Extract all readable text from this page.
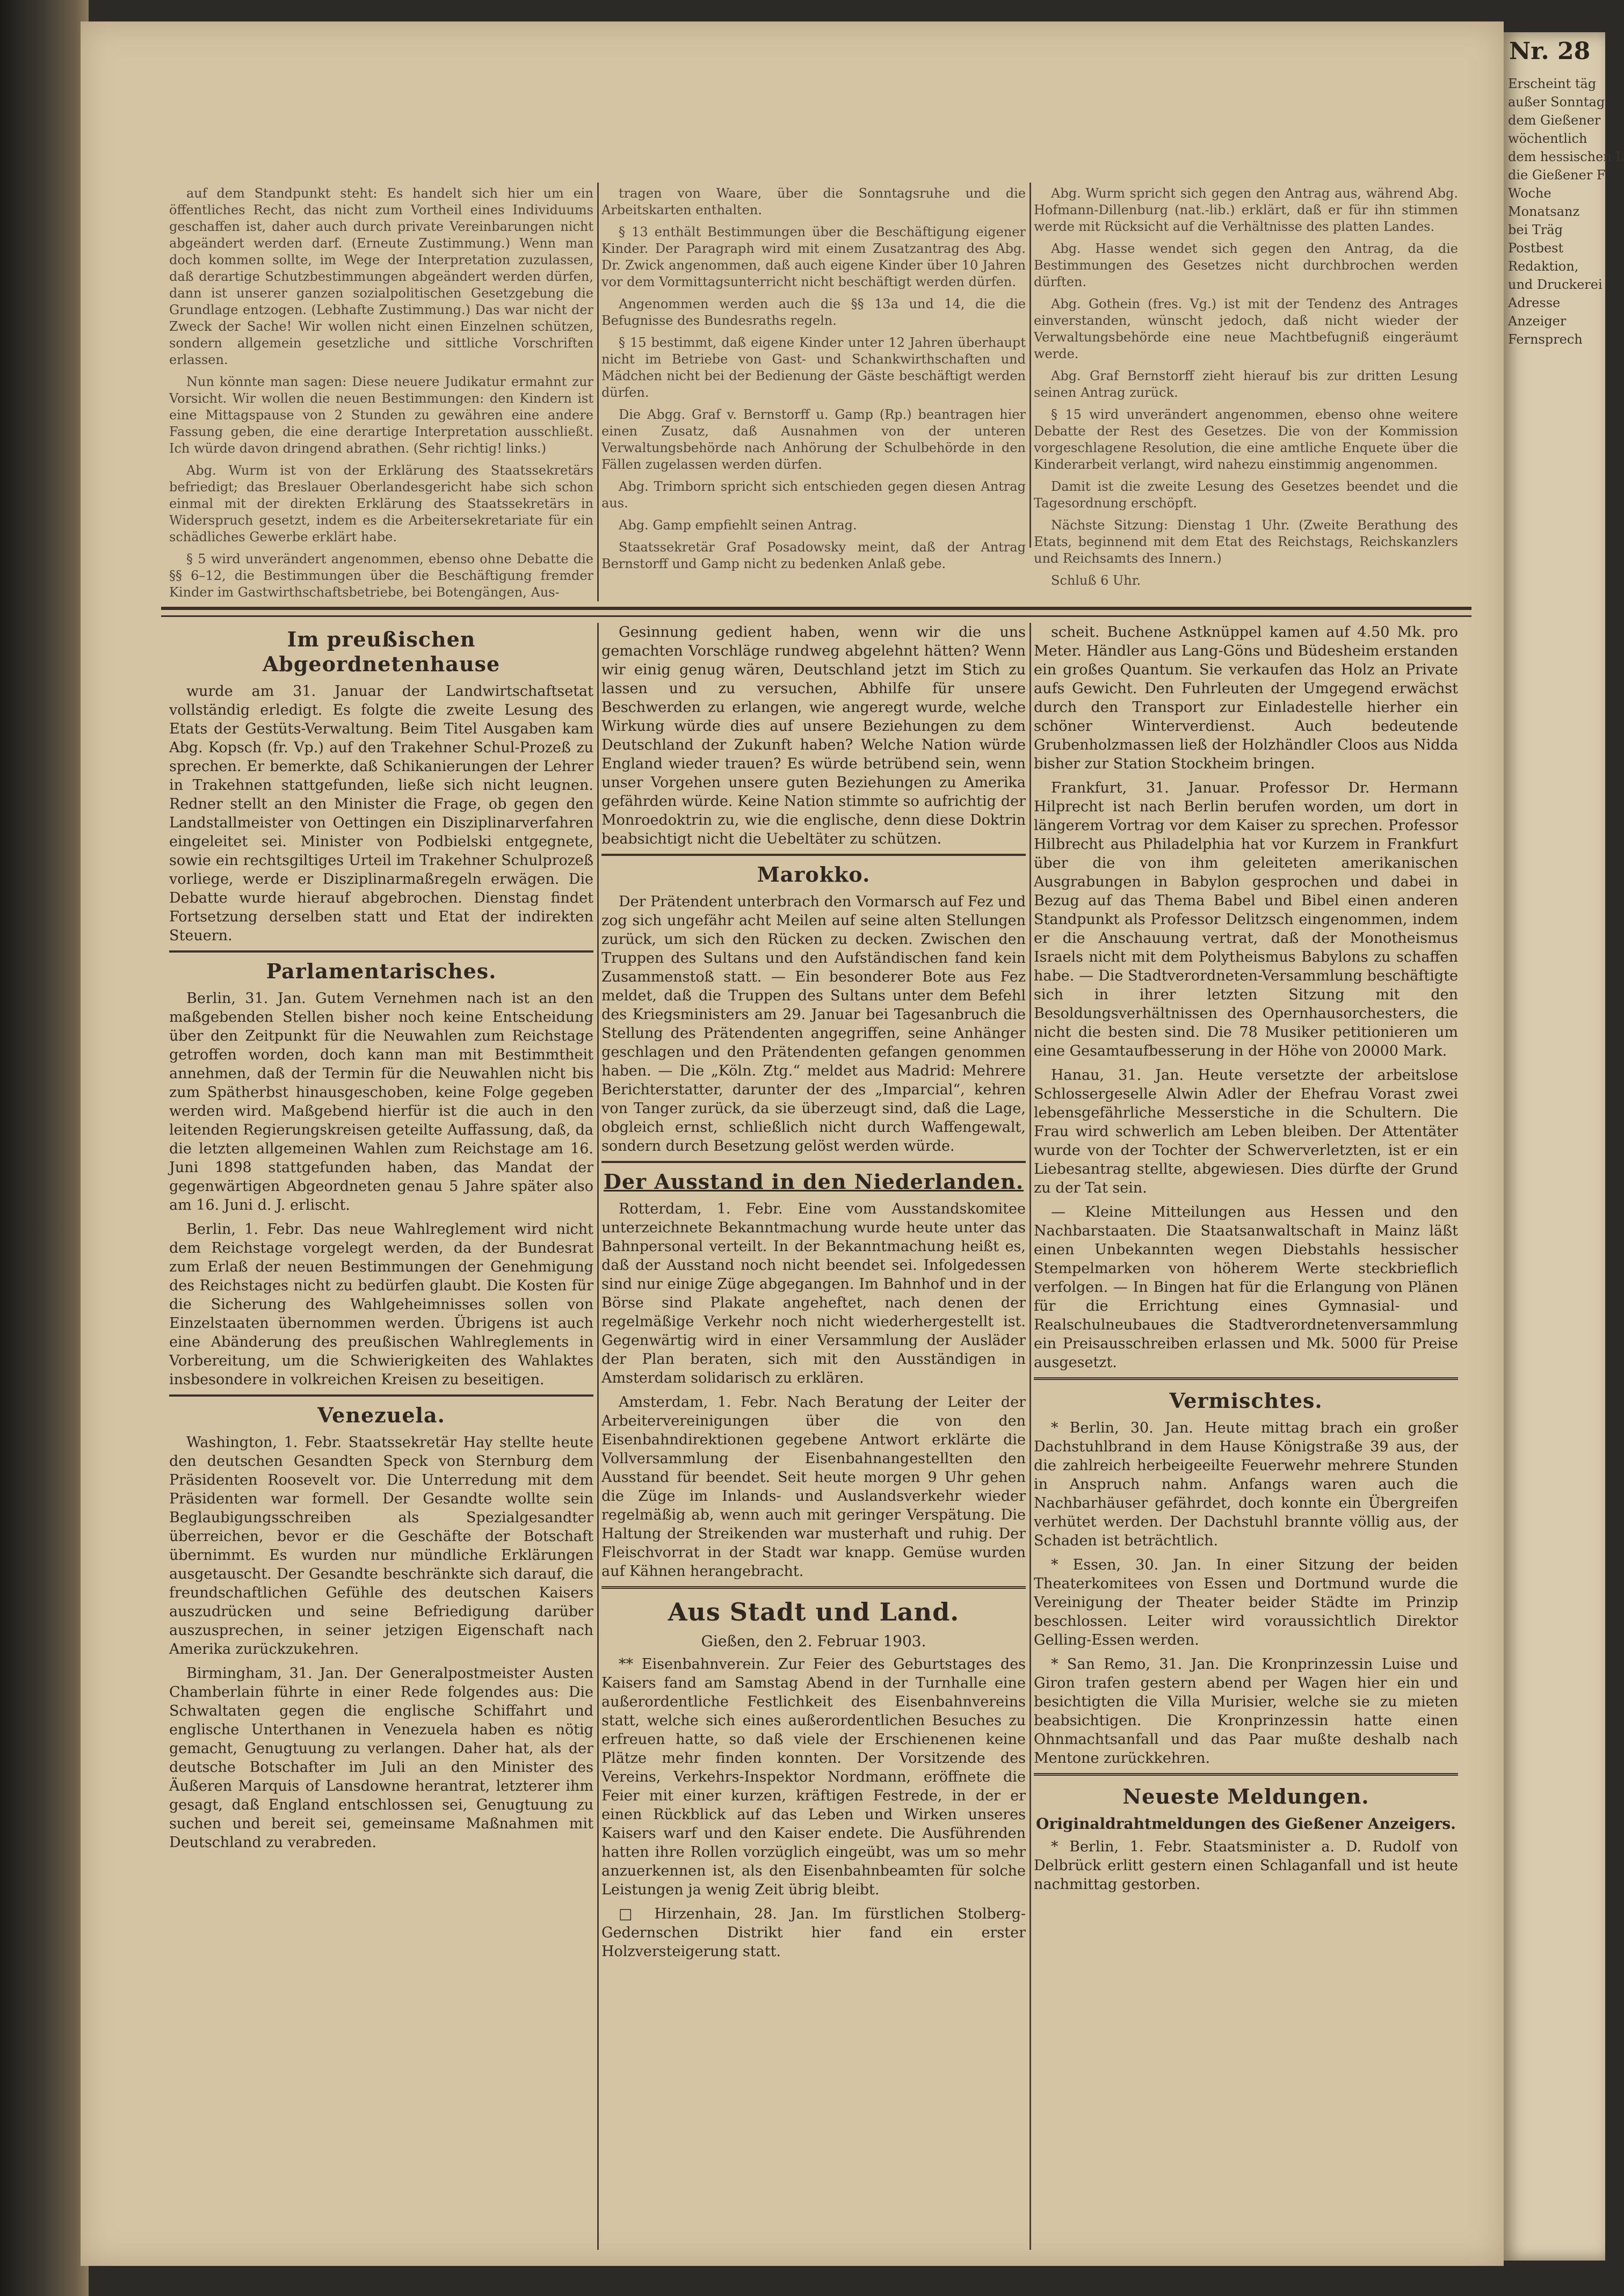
auf dem Standpunkt steht: Es handelt sich hier um ein öffentliches Recht, das nicht zum Vortheil eines Individuums geschaffen ist, daher auch durch private Vereinbarungen nicht abgeändert werden darf. (Erneute Zustimmung.) Wenn man doch kommen sollte, im Wege der Interpretation zuzulassen, daß derartige Schutzbestimmungen abgeändert werden dürfen, dann ist unserer ganzen sozialpolitischen Gesetzgebung die Grundlage entzogen. (Lebhafte Zustimmung.) Das war nicht der Zweck der Sache! Wir wollen nicht einen Einzelnen schützen, sondern allgemein gesetzliche und sittliche Vorschriften erlassen.

Nun könnte man sagen: Diese neuere Judikatur ermahnt zur Vorsicht. Wir wollen die neuen Bestimmungen: den Kindern ist eine Mittagspause von 2 Stunden zu gewähren eine andere Fassung geben, die eine derartige Interpretation ausschließt. Ich würde davon dringend abrathen. (Sehr richtig! links.)

Abg. Wurm ist von der Erklärung des Staatssekretärs befriedigt; das Breslauer Oberlandesgericht habe sich schon einmal mit der direkten Erklärung des Staatssekretärs in Widerspruch gesetzt, indem es die Arbeitersekretariate für ein schädliches Gewerbe erklärt habe.

§ 5 wird unverändert angenommen, ebenso ohne Debatte die §§ 6–12, die Bestimmungen über die Beschäftigung fremder Kinder im Gastwirthschaftsbetriebe, bei Botengängen, Aus-

tragen von Waare, über die Sonntagsruhe und die Arbeitskarten enthalten.

§ 13 enthält Bestimmungen über die Beschäftigung eigener Kinder. Der Paragraph wird mit einem Zusatzantrag des Abg. Dr. Zwick angenommen, daß auch eigene Kinder über 10 Jahren vor dem Vormittagsunterricht nicht beschäftigt werden dürfen.

Angenommen werden auch die §§ 13a und 14, die die Befugnisse des Bundesraths regeln.

§ 15 bestimmt, daß eigene Kinder unter 12 Jahren überhaupt nicht im Betriebe von Gast- und Schankwirthschaften und Mädchen nicht bei der Bedienung der Gäste beschäftigt werden dürfen.

Die Abgg. Graf v. Bernstorff u. Gamp (Rp.) beantragen hier einen Zusatz, daß Ausnahmen von der unteren Verwaltungsbehörde nach Anhörung der Schulbehörde in den Fällen zugelassen werden dürfen.

Abg. Trimborn spricht sich entschieden gegen diesen Antrag aus.

Abg. Gamp empfiehlt seinen Antrag.

Staatssekretär Graf Posadowsky meint, daß der Antrag Bernstorff und Gamp nicht zu bedenken Anlaß gebe.

Abg. Wurm spricht sich gegen den Antrag aus, während Abg. Hofmann-Dillenburg (nat.-lib.) erklärt, daß er für ihn stimmen werde mit Rücksicht auf die Verhältnisse des platten Landes.

Abg. Hasse wendet sich gegen den Antrag, da die Bestimmungen des Gesetzes nicht durchbrochen werden dürften.

Abg. Gothein (fres. Vg.) ist mit der Tendenz des Antrages einverstanden, wünscht jedoch, daß nicht wieder der Verwaltungsbehörde eine neue Machtbefugniß eingeräumt werde.

Abg. Graf Bernstorff zieht hierauf bis zur dritten Lesung seinen Antrag zurück.

§ 15 wird unverändert angenommen, ebenso ohne weitere Debatte der Rest des Gesetzes. Die von der Kommission vorgeschlagene Resolution, die eine amtliche Enquete über die Kinderarbeit verlangt, wird nahezu einstimmig angenommen.

Damit ist die zweite Lesung des Gesetzes beendet und die Tagesordnung erschöpft.

Nächste Sitzung: Dienstag 1 Uhr. (Zweite Berathung des Etats, beginnend mit dem Etat des Reichstags, Reichskanzlers und Reichsamts des Innern.)

Schluß 6 Uhr.

Im preußischen Abgeordnetenhause

wurde am 31. Januar der Landwirtschaftsetat vollständig erledigt. Es folgte die zweite Lesung des Etats der Gestüts-Verwaltung. Beim Titel Ausgaben kam Abg. Kopsch (fr. Vp.) auf den Trakehner Schul-Prozeß zu sprechen. Er bemerkte, daß Schikanierungen der Lehrer in Trakehnen stattgefunden, ließe sich nicht leugnen. Redner stellt an den Minister die Frage, ob gegen den Landstallmeister von Oettingen ein Disziplinarverfahren eingeleitet sei. Minister von Podbielski entgegnete, sowie ein rechtsgiltiges Urteil im Trakehner Schulprozeß vorliege, werde er Disziplinarmaßregeln erwägen. Die Debatte wurde hierauf abgebrochen. Dienstag findet Fortsetzung derselben statt und Etat der indirekten Steuern.

Parlamentarisches.

Berlin, 31. Jan. Gutem Vernehmen nach ist an den maßgebenden Stellen bisher noch keine Entscheidung über den Zeitpunkt für die Neuwahlen zum Reichstage getroffen worden, doch kann man mit Bestimmtheit annehmen, daß der Termin für die Neuwahlen nicht bis zum Spätherbst hinausgeschoben, keine Folge gegeben werden wird. Maßgebend hierfür ist die auch in den leitenden Regierungskreisen geteilte Auffassung, daß, da die letzten allgemeinen Wahlen zum Reichstage am 16. Juni 1898 stattgefunden haben, das Mandat der gegenwärtigen Abgeordneten genau 5 Jahre später also am 16. Juni d. J. erlischt.

Berlin, 1. Febr. Das neue Wahlreglement wird nicht dem Reichstage vorgelegt werden, da der Bundesrat zum Erlaß der neuen Bestimmungen der Genehmigung des Reichstages nicht zu bedürfen glaubt. Die Kosten für die Sicherung des Wahlgeheimnisses sollen von Einzelstaaten übernommen werden. Übrigens ist auch eine Abänderung des preußischen Wahlreglements in Vorbereitung, um die Schwierigkeiten des Wahlaktes insbesondere in volkreichen Kreisen zu beseitigen.

Venezuela.

Washington, 1. Febr. Staatssekretär Hay stellte heute den deutschen Gesandten Speck von Sternburg dem Präsidenten Roosevelt vor. Die Unterredung mit dem Präsidenten war formell. Der Gesandte wollte sein Beglaubigungsschreiben als Spezialgesandter überreichen, bevor er die Geschäfte der Botschaft übernimmt. Es wurden nur mündliche Erklärungen ausgetauscht. Der Gesandte beschränkte sich darauf, die freundschaftlichen Gefühle des deutschen Kaisers auszudrücken und seine Befriedigung darüber auszusprechen, in seiner jetzigen Eigenschaft nach Amerika zurückzukehren.

Birmingham, 31. Jan. Der Generalpostmeister Austen Chamberlain führte in einer Rede folgendes aus: Die Schwaltaten gegen die englische Schiffahrt und englische Unterthanen in Venezuela haben es nötig gemacht, Genugtuung zu verlangen. Daher hat, als der deutsche Botschafter im Juli an den Minister des Äußeren Marquis of Lansdowne herantrat, letzterer ihm gesagt, daß England entschlossen sei, Genugtuung zu suchen und bereit sei, gemeinsame Maßnahmen mit Deutschland zu verabreden.

Gesinnung gedient haben, wenn wir die uns gemachten Vorschläge rundweg abgelehnt hätten? Wenn wir einig genug wären, Deutschland jetzt im Stich zu lassen und zu versuchen, Abhilfe für unsere Beschwerden zu erlangen, wie angeregt wurde, welche Wirkung würde dies auf unsere Beziehungen zu dem Deutschland der Zukunft haben? Welche Nation würde England wieder trauen? Es würde betrübend sein, wenn unser Vorgehen unsere guten Beziehungen zu Amerika gefährden würde. Keine Nation stimmte so aufrichtig der Monroedoktrin zu, wie die englische, denn diese Doktrin beabsichtigt nicht die Uebeltäter zu schützen.

Marokko.

Der Prätendent unterbrach den Vormarsch auf Fez und zog sich ungefähr acht Meilen auf seine alten Stellungen zurück, um sich den Rücken zu decken. Zwischen den Truppen des Sultans und den Aufständischen fand kein Zusammenstoß statt. — Ein besonderer Bote aus Fez meldet, daß die Truppen des Sultans unter dem Befehl des Kriegsministers am 29. Januar bei Tagesanbruch die Stellung des Prätendenten angegriffen, seine Anhänger geschlagen und den Prätendenten gefangen genommen haben. — Die „Köln. Ztg.“ meldet aus Madrid: Mehrere Berichterstatter, darunter der des „Imparcial“, kehren von Tanger zurück, da sie überzeugt sind, daß die Lage, obgleich ernst, schließlich nicht durch Waffengewalt, sondern durch Besetzung gelöst werden würde.

Der Ausstand in den Niederlanden.

Rotterdam, 1. Febr. Eine vom Ausstandskomitee unterzeichnete Bekanntmachung wurde heute unter das Bahnpersonal verteilt. In der Bekanntmachung heißt es, daß der Ausstand noch nicht beendet sei. Infolgedessen sind nur einige Züge abgegangen. Im Bahnhof und in der Börse sind Plakate angeheftet, nach denen der regelmäßige Verkehr noch nicht wiederhergestellt ist. Gegenwärtig wird in einer Versammlung der Ausläder der Plan beraten, sich mit den Ausständigen in Amsterdam solidarisch zu erklären.

Amsterdam, 1. Febr. Nach Beratung der Leiter der Arbeitervereinigungen über die von den Eisenbahndirektionen gegebene Antwort erklärte die Vollversammlung der Eisenbahnangestellten den Ausstand für beendet. Seit heute morgen 9 Uhr gehen die Züge im Inlands- und Auslandsverkehr wieder regelmäßig ab, wenn auch mit geringer Verspätung. Die Haltung der Streikenden war musterhaft und ruhig. Der Fleischvorrat in der Stadt war knapp. Gemüse wurden auf Kähnen herangebracht.

Aus Stadt und Land.
Gießen, den 2. Februar 1903.

** Eisenbahnverein. Zur Feier des Geburtstages des Kaisers fand am Samstag Abend in der Turnhalle eine außerordentliche Festlichkeit des Eisenbahnvereins statt, welche sich eines außerordentlichen Besuches zu erfreuen hatte, so daß viele der Erschienenen keine Plätze mehr finden konnten. Der Vorsitzende des Vereins, Verkehrs-Inspektor Nordmann, eröffnete die Feier mit einer kurzen, kräftigen Festrede, in der er einen Rückblick auf das Leben und Wirken unseres Kaisers warf und den Kaiser endete. Die Ausführenden hatten ihre Rollen vorzüglich eingeübt, was um so mehr anzuerkennen ist, als den Eisenbahnbeamten für solche Leistungen ja wenig Zeit übrig bleibt.

□ Hirzenhain, 28. Jan. Im fürstlichen Stolberg-Gedernschen Distrikt hier fand ein erster Holzversteigerung statt.

scheit. Buchene Astknüppel kamen auf 4.50 Mk. pro Meter. Händler aus Lang-Göns und Büdesheim erstanden ein großes Quantum. Sie verkaufen das Holz an Private aufs Gewicht. Den Fuhrleuten der Umgegend erwächst durch den Transport zur Einladestelle hierher ein schöner Winterverdienst. Auch bedeutende Grubenholzmassen ließ der Holzhändler Cloos aus Nidda bisher zur Station Stockheim bringen.

Frankfurt, 31. Januar. Professor Dr. Hermann Hilprecht ist nach Berlin berufen worden, um dort in längerem Vortrag vor dem Kaiser zu sprechen. Professor Hilbrecht aus Philadelphia hat vor Kurzem in Frankfurt über die von ihm geleiteten amerikanischen Ausgrabungen in Babylon gesprochen und dabei in Bezug auf das Thema Babel und Bibel einen anderen Standpunkt als Professor Delitzsch eingenommen, indem er die Anschauung vertrat, daß der Monotheismus Israels nicht mit dem Polytheismus Babylons zu schaffen habe. — Die Stadtverordneten-Versammlung beschäftigte sich in ihrer letzten Sitzung mit den Besoldungsverhältnissen des Opernhausorchesters, die nicht die besten sind. Die 78 Musiker petitionieren um eine Gesamtaufbesserung in der Höhe von 20000 Mark.

Hanau, 31. Jan. Heute versetzte der arbeitslose Schlossergeselle Alwin Adler der Ehefrau Vorast zwei lebensgefährliche Messerstiche in die Schultern. Die Frau wird schwerlich am Leben bleiben. Der Attentäter wurde von der Tochter der Schwerverletzten, ist er ein Liebesantrag stellte, abgewiesen. Dies dürfte der Grund zu der Tat sein.

— Kleine Mitteilungen aus Hessen und den Nachbarstaaten. Die Staatsanwaltschaft in Mainz läßt einen Unbekannten wegen Diebstahls hessischer Stempelmarken von höherem Werte steckbrieflich verfolgen. — In Bingen hat für die Erlangung von Plänen für die Errichtung eines Gymnasial- und Realschulneubaues die Stadtverordnetenversammlung ein Preisausschreiben erlassen und Mk. 5000 für Preise ausgesetzt.

Vermischtes.

* Berlin, 30. Jan. Heute mittag brach ein großer Dachstuhlbrand in dem Hause Königstraße 39 aus, der die zahlreich herbeigeeilte Feuerwehr mehrere Stunden in Anspruch nahm. Anfangs waren auch die Nachbarhäuser gefährdet, doch konnte ein Übergreifen verhütet werden. Der Dachstuhl brannte völlig aus, der Schaden ist beträchtlich.

* Essen, 30. Jan. In einer Sitzung der beiden Theaterkomitees von Essen und Dortmund wurde die Vereinigung der Theater beider Städte im Prinzip beschlossen. Leiter wird voraussichtlich Direktor Gelling-Essen werden.

* San Remo, 31. Jan. Die Kronprinzessin Luise und Giron trafen gestern abend per Wagen hier ein und besichtigten die Villa Murisier, welche sie zu mieten beabsichtigen. Die Kronprinzessin hatte einen Ohnmachtsanfall und das Paar mußte deshalb nach Mentone zurückkehren.

Neueste Meldungen.
Originaldrahtmeldungen des Gießener Anzeigers.

* Berlin, 1. Febr. Staatsminister a. D. Rudolf von Delbrück erlitt gestern einen Schlaganfall und ist heute nachmittag gestorben.

Nr. 28
Erscheint täg
außer Sonntag
dem Gießener
wöchentlich
dem hessischen L
die Gießener F
Woche
Monatsanz
bei Träg
Postbest
Redaktion,
und Druckerei
Adresse
Anzeiger
Fernsprech
